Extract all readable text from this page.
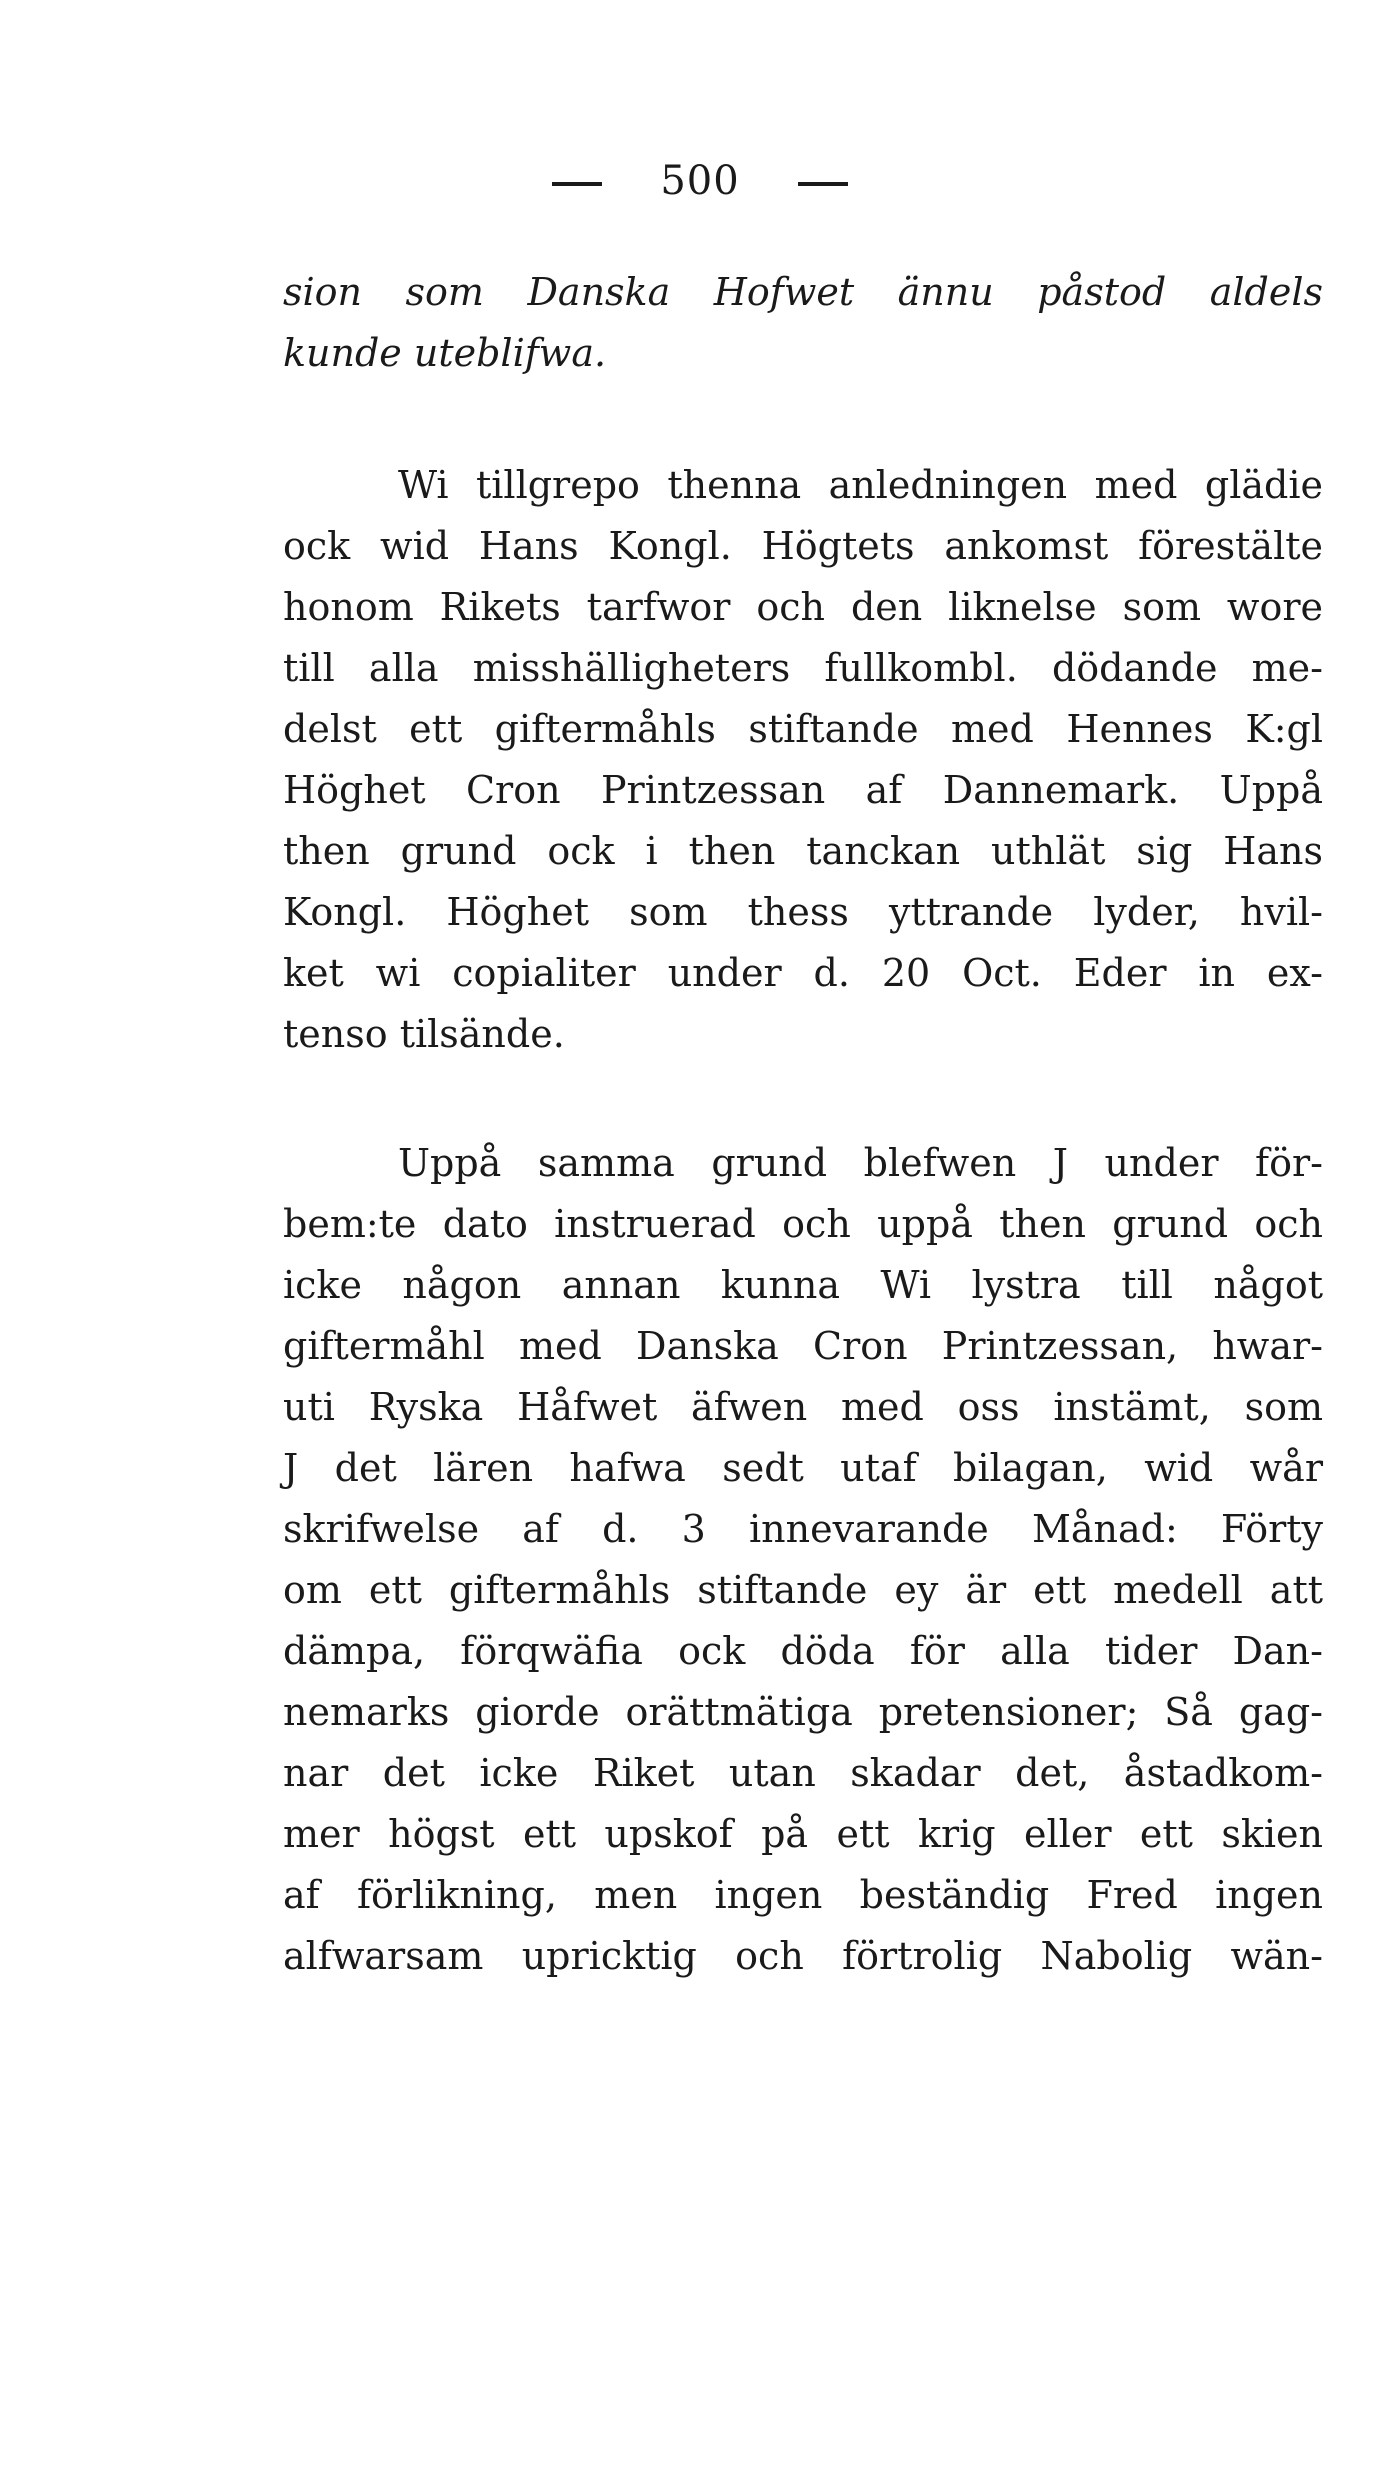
500
sion som Danska Hofwet ännu påstod aldels
kunde uteblifwa.
Wi tillgrepo thenna anledningen med glädie
ock wid Hans Kongl. Högtets ankomst förestälte
honom Rikets tarfwor och den liknelse som wore
till alla misshälligheters fullkombl. dödande me-
delst ett giftermåhls stiftande med Hennes K:gl
Höghet Cron Printzessan af Dannemark. Uppå
then grund ock i then tanckan uthlät sig Hans
Kongl. Höghet som thess yttrande lyder, hvil-
ket wi copialiter under d. 20 Oct. Eder in ex-
tenso tilsände.
Uppå samma grund blefwen J under för-
bem:te dato instruerad och uppå then grund och
icke någon annan kunna Wi lystra till något
giftermåhl med Danska Cron Printzessan, hwar-
uti Ryska Håfwet äfwen med oss instämt, som
J det lären hafwa sedt utaf bilagan, wid wår
skrifwelse af d. 3 innevarande Månad: Förty
om ett giftermåhls stiftande ey är ett medell att
dämpa, förqwäfia ock döda för alla tider Dan-
nemarks giorde orättmätiga pretensioner; Så gag-
nar det icke Riket utan skadar det, åstadkom-
mer högst ett upskof på ett krig eller ett skien
af förlikning, men ingen beständig Fred ingen
alfwarsam upricktig och förtrolig Nabolig wän-
